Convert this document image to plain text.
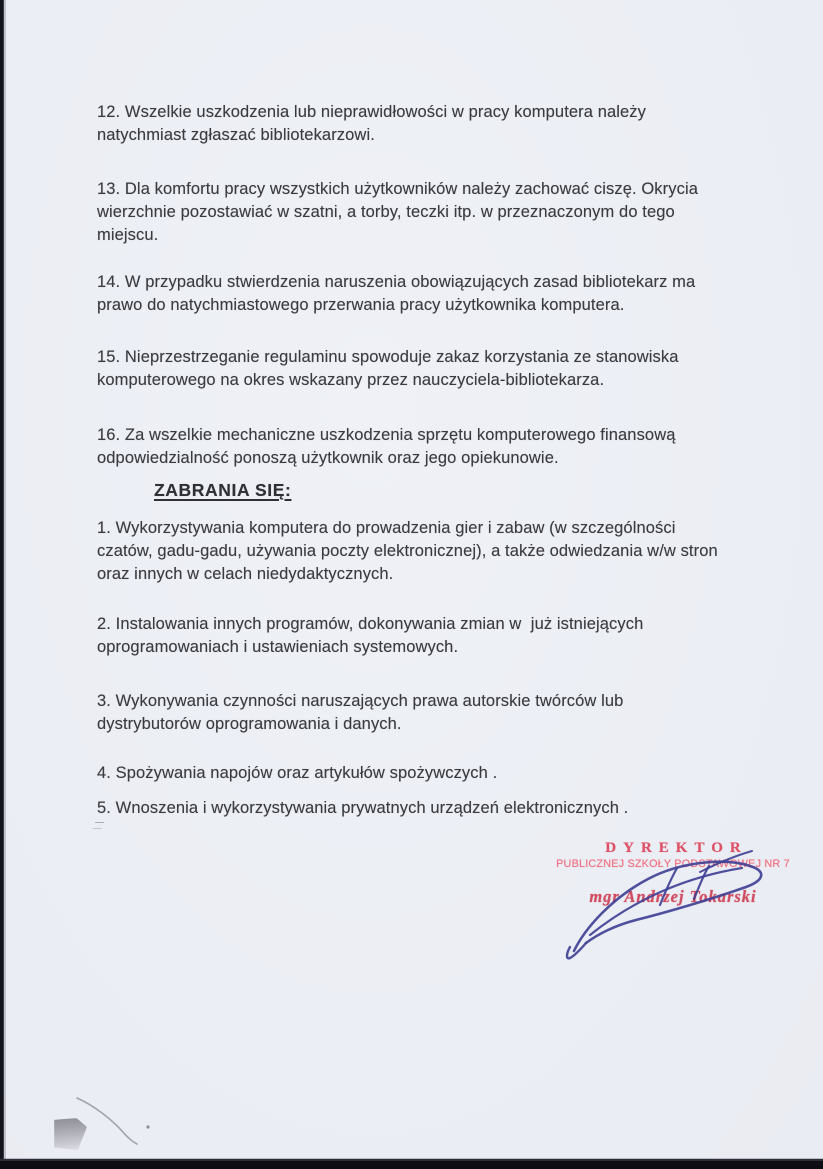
12. Wszelkie uszkodzenia lub nieprawidłowości w pracy komputera należy
natychmiast zgłaszać bibliotekarzowi.
13. Dla komfortu pracy wszystkich użytkowników należy zachować ciszę. Okrycia
wierzchnie pozostawiać w szatni, a torby, teczki itp. w przeznaczonym do tego
miejscu.
14. W przypadku stwierdzenia naruszenia obowiązujących zasad bibliotekarz ma
prawo do natychmiastowego przerwania pracy użytkownika komputera.
15. Nieprzestrzeganie regulaminu spowoduje zakaz korzystania ze stanowiska
komputerowego na okres wskazany przez nauczyciela-bibliotekarza.
16. Za wszelkie mechaniczne uszkodzenia sprzętu komputerowego finansową
odpowiedzialność ponoszą użytkownik oraz jego opiekunowie.
ZABRANIA SIĘ:
1. Wykorzystywania komputera do prowadzenia gier i zabaw (w szczególności
czatów, gadu-gadu, używania poczty elektronicznej), a także odwiedzania w/w stron
oraz innych w celach niedydaktycznych.
2. Instalowania innych programów, dokonywania zmian w  już istniejących
oprogramowaniach i ustawieniach systemowych.
3. Wykonywania czynności naruszających prawa autorskie twórców lub
dystrybutorów oprogramowania i danych.
4. Spożywania napojów oraz artykułów spożywczych .
5. Wnoszenia i wykorzystywania prywatnych urządzeń elektronicznych .
DYREKTOR
PUBLICZNEJ SZKOŁY PODSTAWOWEJ NR 7
mgr Andrzej Tokarski
